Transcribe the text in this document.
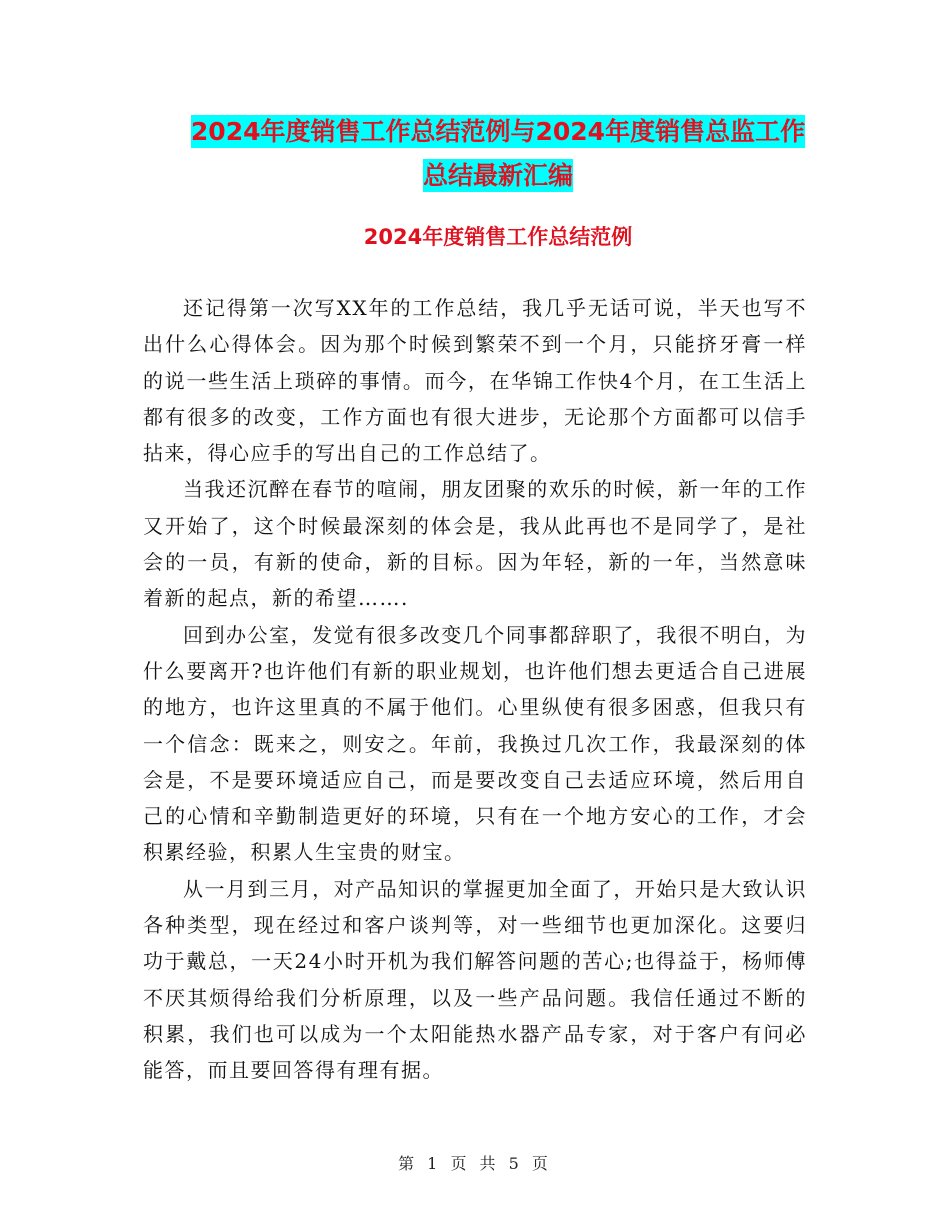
2024年度销售工作总结范例与2024年度销售总监工作
总结最新汇编
2024年度销售工作总结范例

还记得第一次写XX年的工作总结，我几乎无话可说，半天也写不出什么心得体会。因为那个时候到繁荣不到一个月，只能挤牙膏一样的说一些生活上琐碎的事情。而今，在华锦工作快4个月，在工生活上都有很多的改变，工作方面也有很大进步，无论那个方面都可以信手拈来，得心应手的写出自己的工作总结了。

当我还沉醉在春节的喧闹，朋友团聚的欢乐的时候，新一年的工作又开始了，这个时候最深刻的体会是，我从此再也不是同学了，是社会的一员，有新的使命，新的目标。因为年轻，新的一年，当然意味着新的起点，新的希望…….

回到办公室，发觉有很多改变几个同事都辞职了，我很不明白，为什么要离开?也许他们有新的职业规划，也许他们想去更适合自己进展的地方，也许这里真的不属于他们。心里纵使有很多困惑，但我只有一个信念：既来之，则安之。年前，我换过几次工作，我最深刻的体会是，不是要环境适应自己，而是要改变自己去适应环境，然后用自己的心情和辛勤制造更好的环境，只有在一个地方安心的工作，才会积累经验，积累人生宝贵的财宝。

从一月到三月，对产品知识的掌握更加全面了，开始只是大致认识各种类型，现在经过和客户谈判等，对一些细节也更加深化。这要归功于戴总，一天24小时开机为我们解答问题的苦心;也得益于，杨师傅不厌其烦得给我们分析原理，以及一些产品问题。我信任通过不断的积累，我们也可以成为一个太阳能热水器产品专家，对于客户有问必能答，而且要回答得有理有据。

第 1 页 共 5 页
